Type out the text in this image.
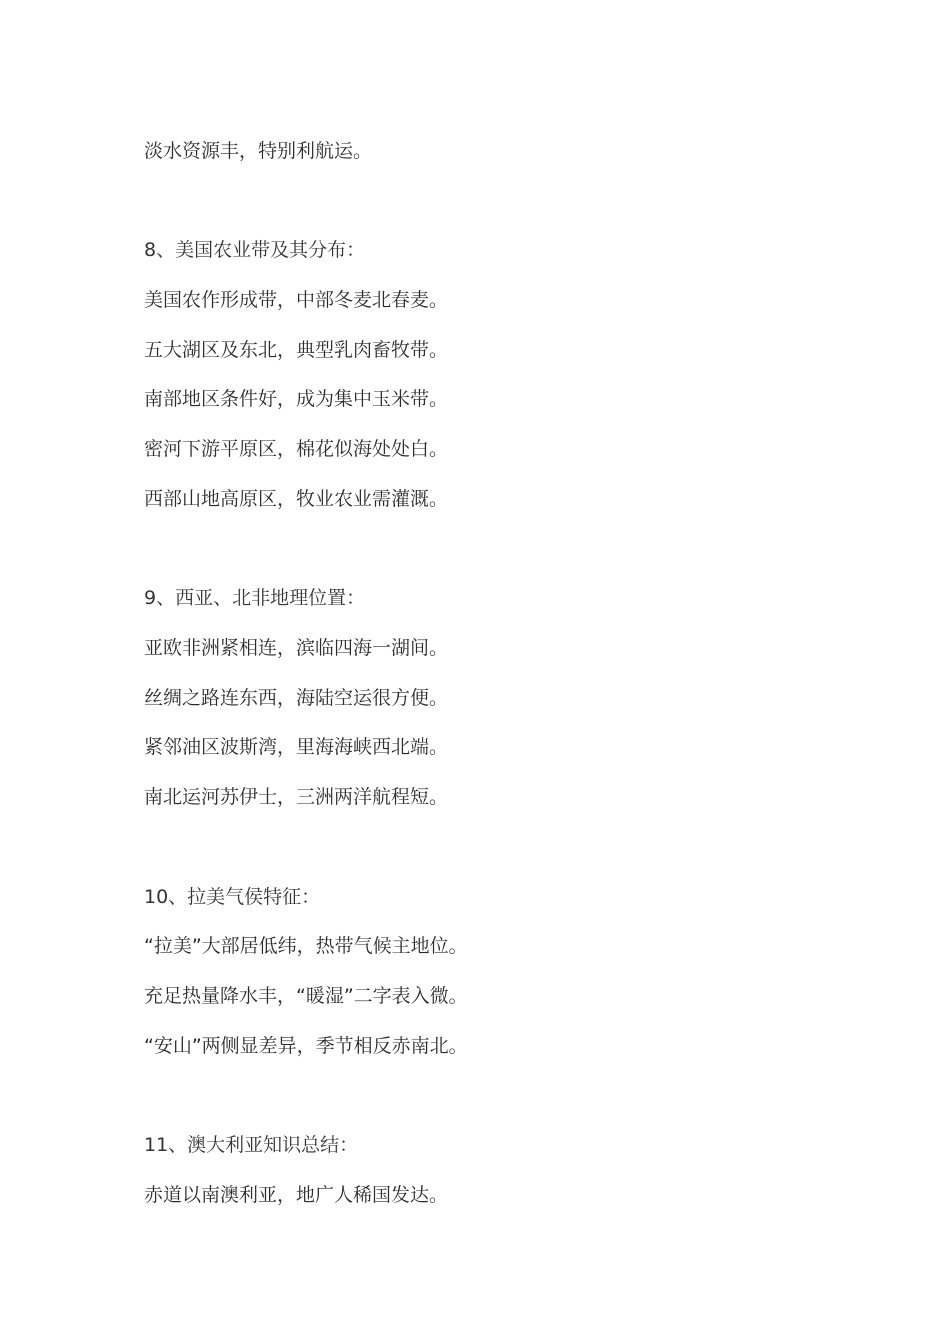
淡水资源丰，特别利航运。
8、美国农业带及其分布：
美国农作形成带，中部冬麦北春麦。
五大湖区及东北，典型乳肉畜牧带。
南部地区条件好，成为集中玉米带。
密河下游平原区，棉花似海处处白。
西部山地高原区，牧业农业需灌溉。
9、西亚、北非地理位置：
亚欧非洲紧相连，滨临四海一湖间。
丝绸之路连东西，海陆空运很方便。
紧邻油区波斯湾，里海海峡西北端。
南北运河苏伊士，三洲两洋航程短。
10、拉美气侯特征：
“拉美”大部居低纬，热带气候主地位。
充足热量降水丰，“暖湿”二字表入微。
“安山”两侧显差异，季节相反赤南北。
11、澳大利亚知识总结：
赤道以南澳利亚，地广人稀国发达。
